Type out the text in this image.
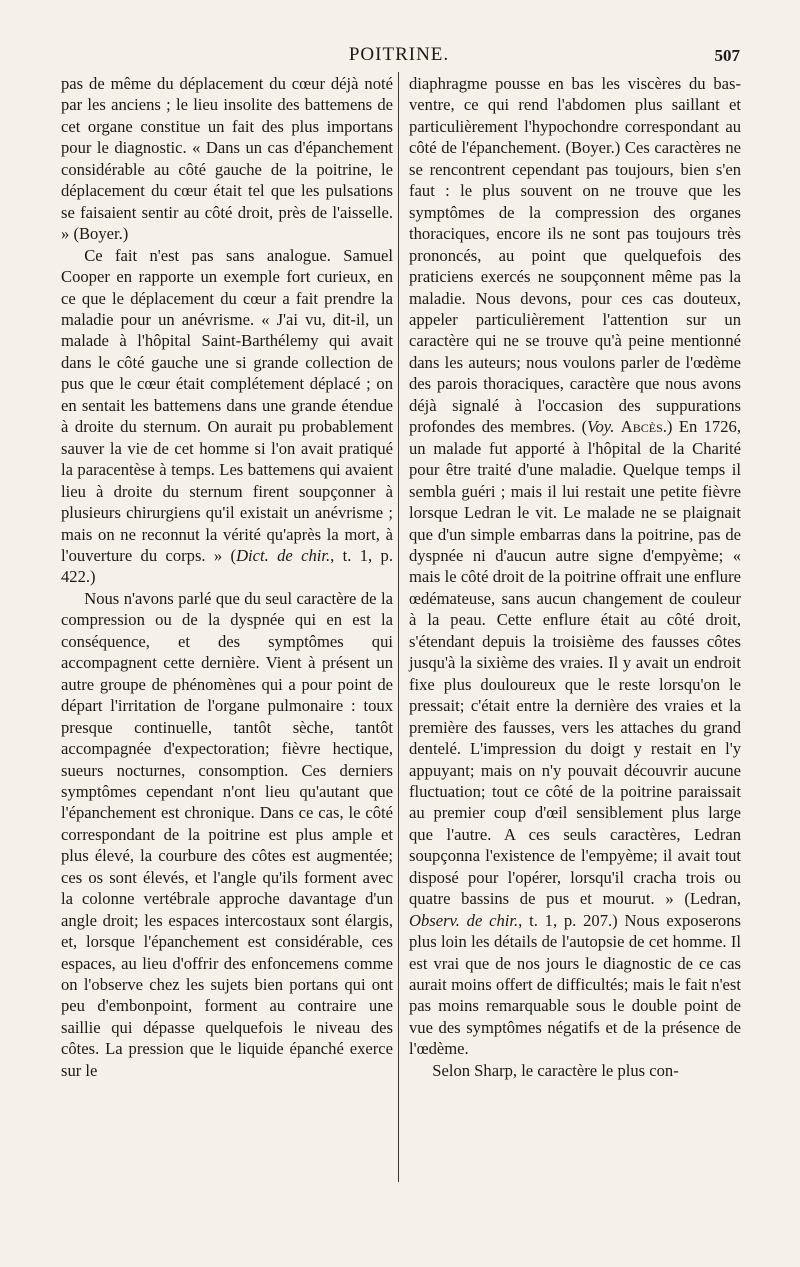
POITRINE.	507

pas de même du déplacement du cœur déjà noté par les anciens ; le lieu insolite des battemens de cet organe constitue un fait des plus importans pour le diagnostic. « Dans un cas d'épanchement considérable au côté gauche de la poitrine, le déplacement du cœur était tel que les pulsations se faisaient sentir au côté droit, près de l'aisselle. » (Boyer.)

Ce fait n'est pas sans analogue. Samuel Cooper en rapporte un exemple fort curieux, en ce que le déplacement du cœur a fait prendre la maladie pour un anévrisme. « J'ai vu, dit-il, un malade à l'hôpital Saint-Barthélemy qui avait dans le côté gauche une si grande collection de pus que le cœur était complétement déplacé ; on en sentait les battemens dans une grande étendue à droite du sternum. On aurait pu probablement sauver la vie de cet homme si l'on avait pratiqué la paracentèse à temps. Les battemens qui avaient lieu à droite du sternum firent soupçonner à plusieurs chirurgiens qu'il existait un anévrisme ; mais on ne reconnut la vérité qu'après la mort, à l'ouverture du corps. » (Dict. de chir., t. 1, p. 422.)

Nous n'avons parlé que du seul caractère de la compression ou de la dyspnée qui en est la conséquence, et des symptômes qui accompagnent cette dernière. Vient à présent un autre groupe de phénomènes qui a pour point de départ l'irritation de l'organe pulmonaire : toux presque continuelle, tantôt sèche, tantôt accompagnée d'expectoration; fièvre hectique, sueurs nocturnes, consomption. Ces derniers symptômes cependant n'ont lieu qu'autant que l'épanchement est chronique. Dans ce cas, le côté correspondant de la poitrine est plus ample et plus élevé, la courbure des côtes est augmentée; ces os sont élevés, et l'angle qu'ils forment avec la colonne vertébrale approche davantage d'un angle droit; les espaces intercostaux sont élargis, et, lorsque l'épanchement est considérable, ces espaces, au lieu d'offrir des enfoncemens comme on l'observe chez les sujets bien portans qui ont peu d'embonpoint, forment au contraire une saillie qui dépasse quelquefois le niveau des côtes. La pression que le liquide épanché exerce sur le

diaphragme pousse en bas les viscères du bas-ventre, ce qui rend l'abdomen plus saillant et particulièrement l'hypochondre correspondant au côté de l'épanchement. (Boyer.) Ces caractères ne se rencontrent cependant pas toujours, bien s'en faut : le plus souvent on ne trouve que les symptômes de la compression des organes thoraciques, encore ils ne sont pas toujours très prononcés, au point que quelquefois des praticiens exercés ne soupçonnent même pas la maladie. Nous devons, pour ces cas douteux, appeler particulièrement l'attention sur un caractère qui ne se trouve qu'à peine mentionné dans les auteurs; nous voulons parler de l'œdème des parois thoraciques, caractère que nous avons déjà signalé à l'occasion des suppurations profondes des membres. (Voy. Abcès.) En 1726, un malade fut apporté à l'hôpital de la Charité pour être traité d'une maladie. Quelque temps il sembla guéri ; mais il lui restait une petite fièvre lorsque Ledran le vit. Le malade ne se plaignait que d'un simple embarras dans la poitrine, pas de dyspnée ni d'aucun autre signe d'empyème; « mais le côté droit de la poitrine offrait une enflure œdémateuse, sans aucun changement de couleur à la peau. Cette enflure était au côté droit, s'étendant depuis la troisième des fausses côtes jusqu'à la sixième des vraies. Il y avait un endroit fixe plus douloureux que le reste lorsqu'on le pressait; c'était entre la dernière des vraies et la première des fausses, vers les attaches du grand dentelé. L'impression du doigt y restait en l'y appuyant; mais on n'y pouvait découvrir aucune fluctuation; tout ce côté de la poitrine paraissait au premier coup d'œil sensiblement plus large que l'autre. A ces seuls caractères, Ledran soupçonna l'existence de l'empyème; il avait tout disposé pour l'opérer, lorsqu'il cracha trois ou quatre bassins de pus et mourut. » (Ledran, Observ. de chir., t. 1, p. 207.) Nous exposerons plus loin les détails de l'autopsie de cet homme. Il est vrai que de nos jours le diagnostic de ce cas aurait moins offert de difficultés; mais le fait n'est pas moins remarquable sous le double point de vue des symptômes négatifs et de la présence de l'œdème.

Selon Sharp, le caractère le plus con-
